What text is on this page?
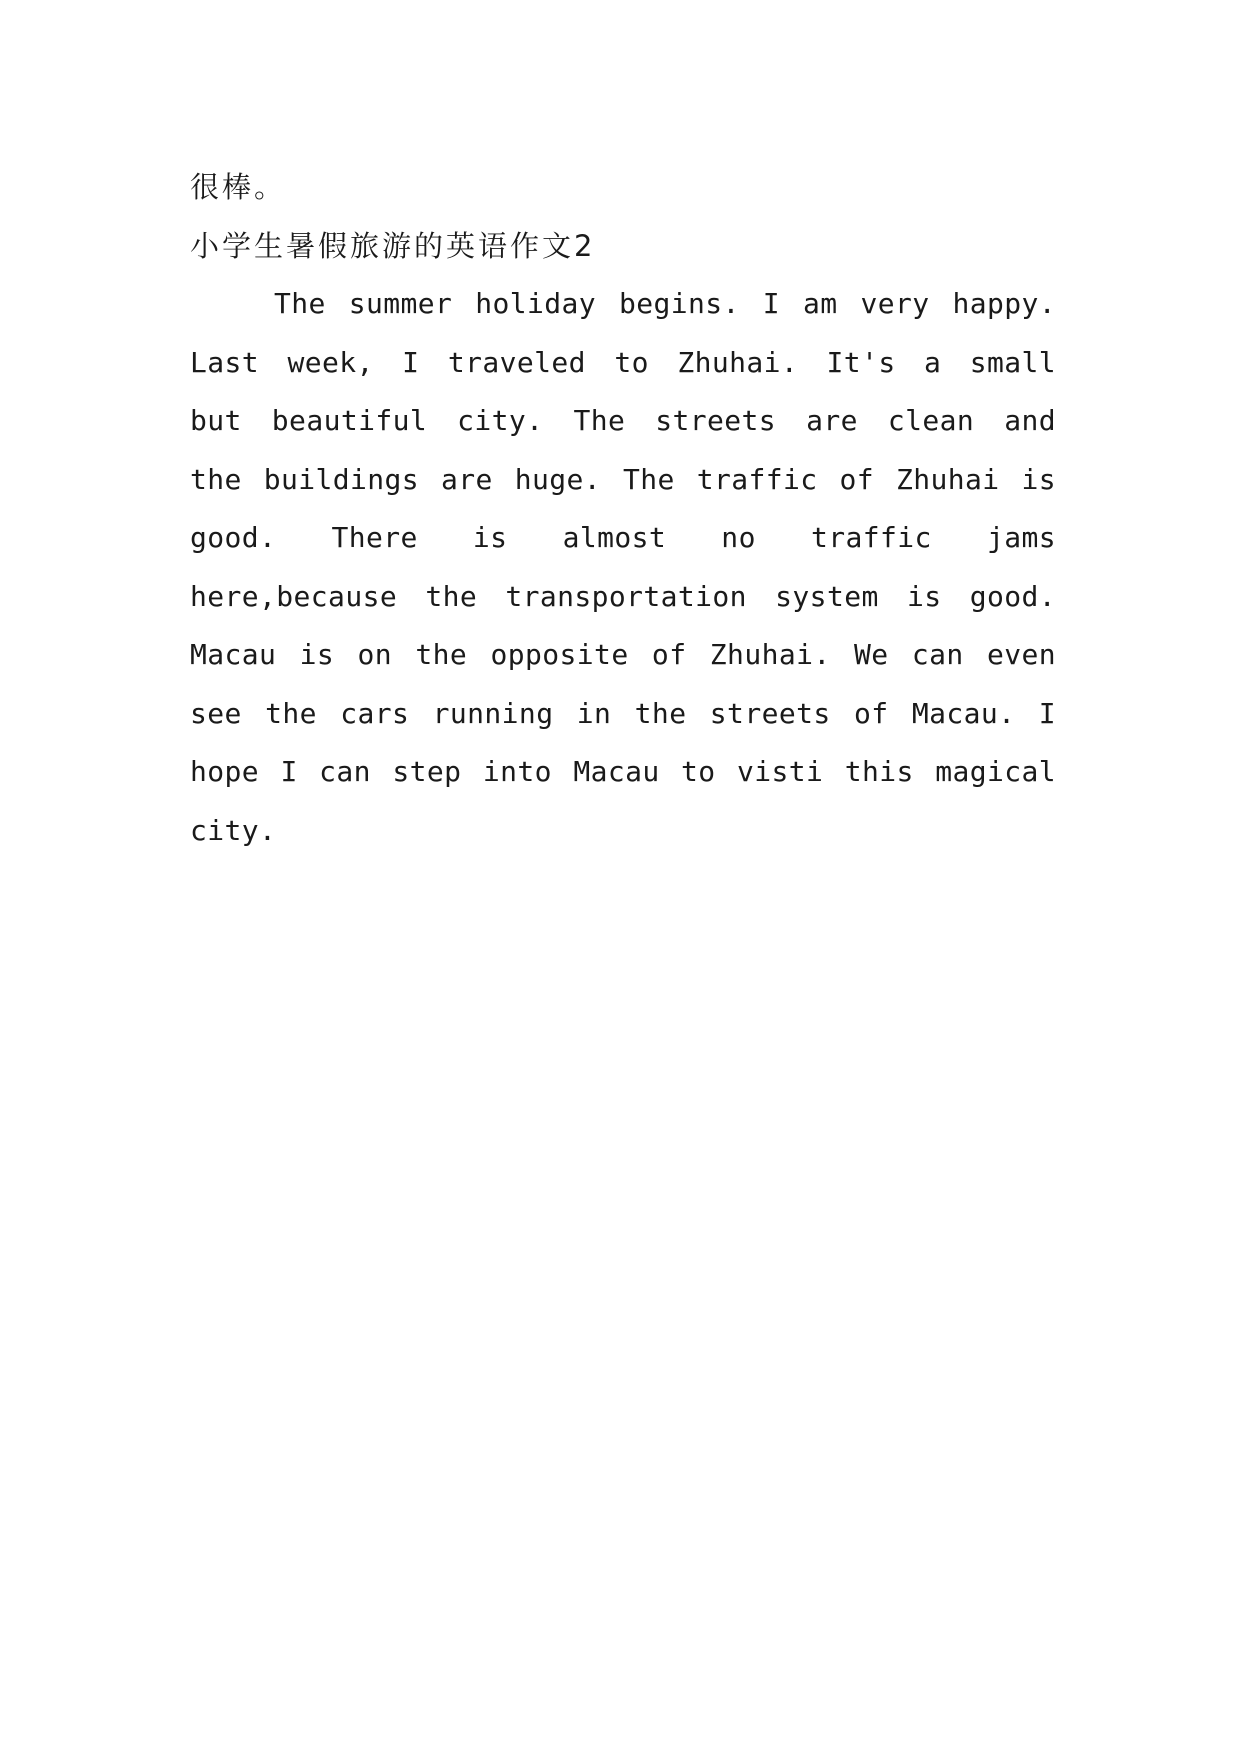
很棒。

小学生暑假旅游的英语作文2

The summer holiday begins. I am very happy. Last week, I traveled to Zhuhai. It's a small but beautiful city. The streets are clean and the buildings are huge. The traffic of Zhuhai is good. There is almost no traffic jams here,because the transportation system is good. Macau is on the opposite of Zhuhai. We can even see the cars running in the streets of Macau. I hope I can step into Macau to visti this magical city.
